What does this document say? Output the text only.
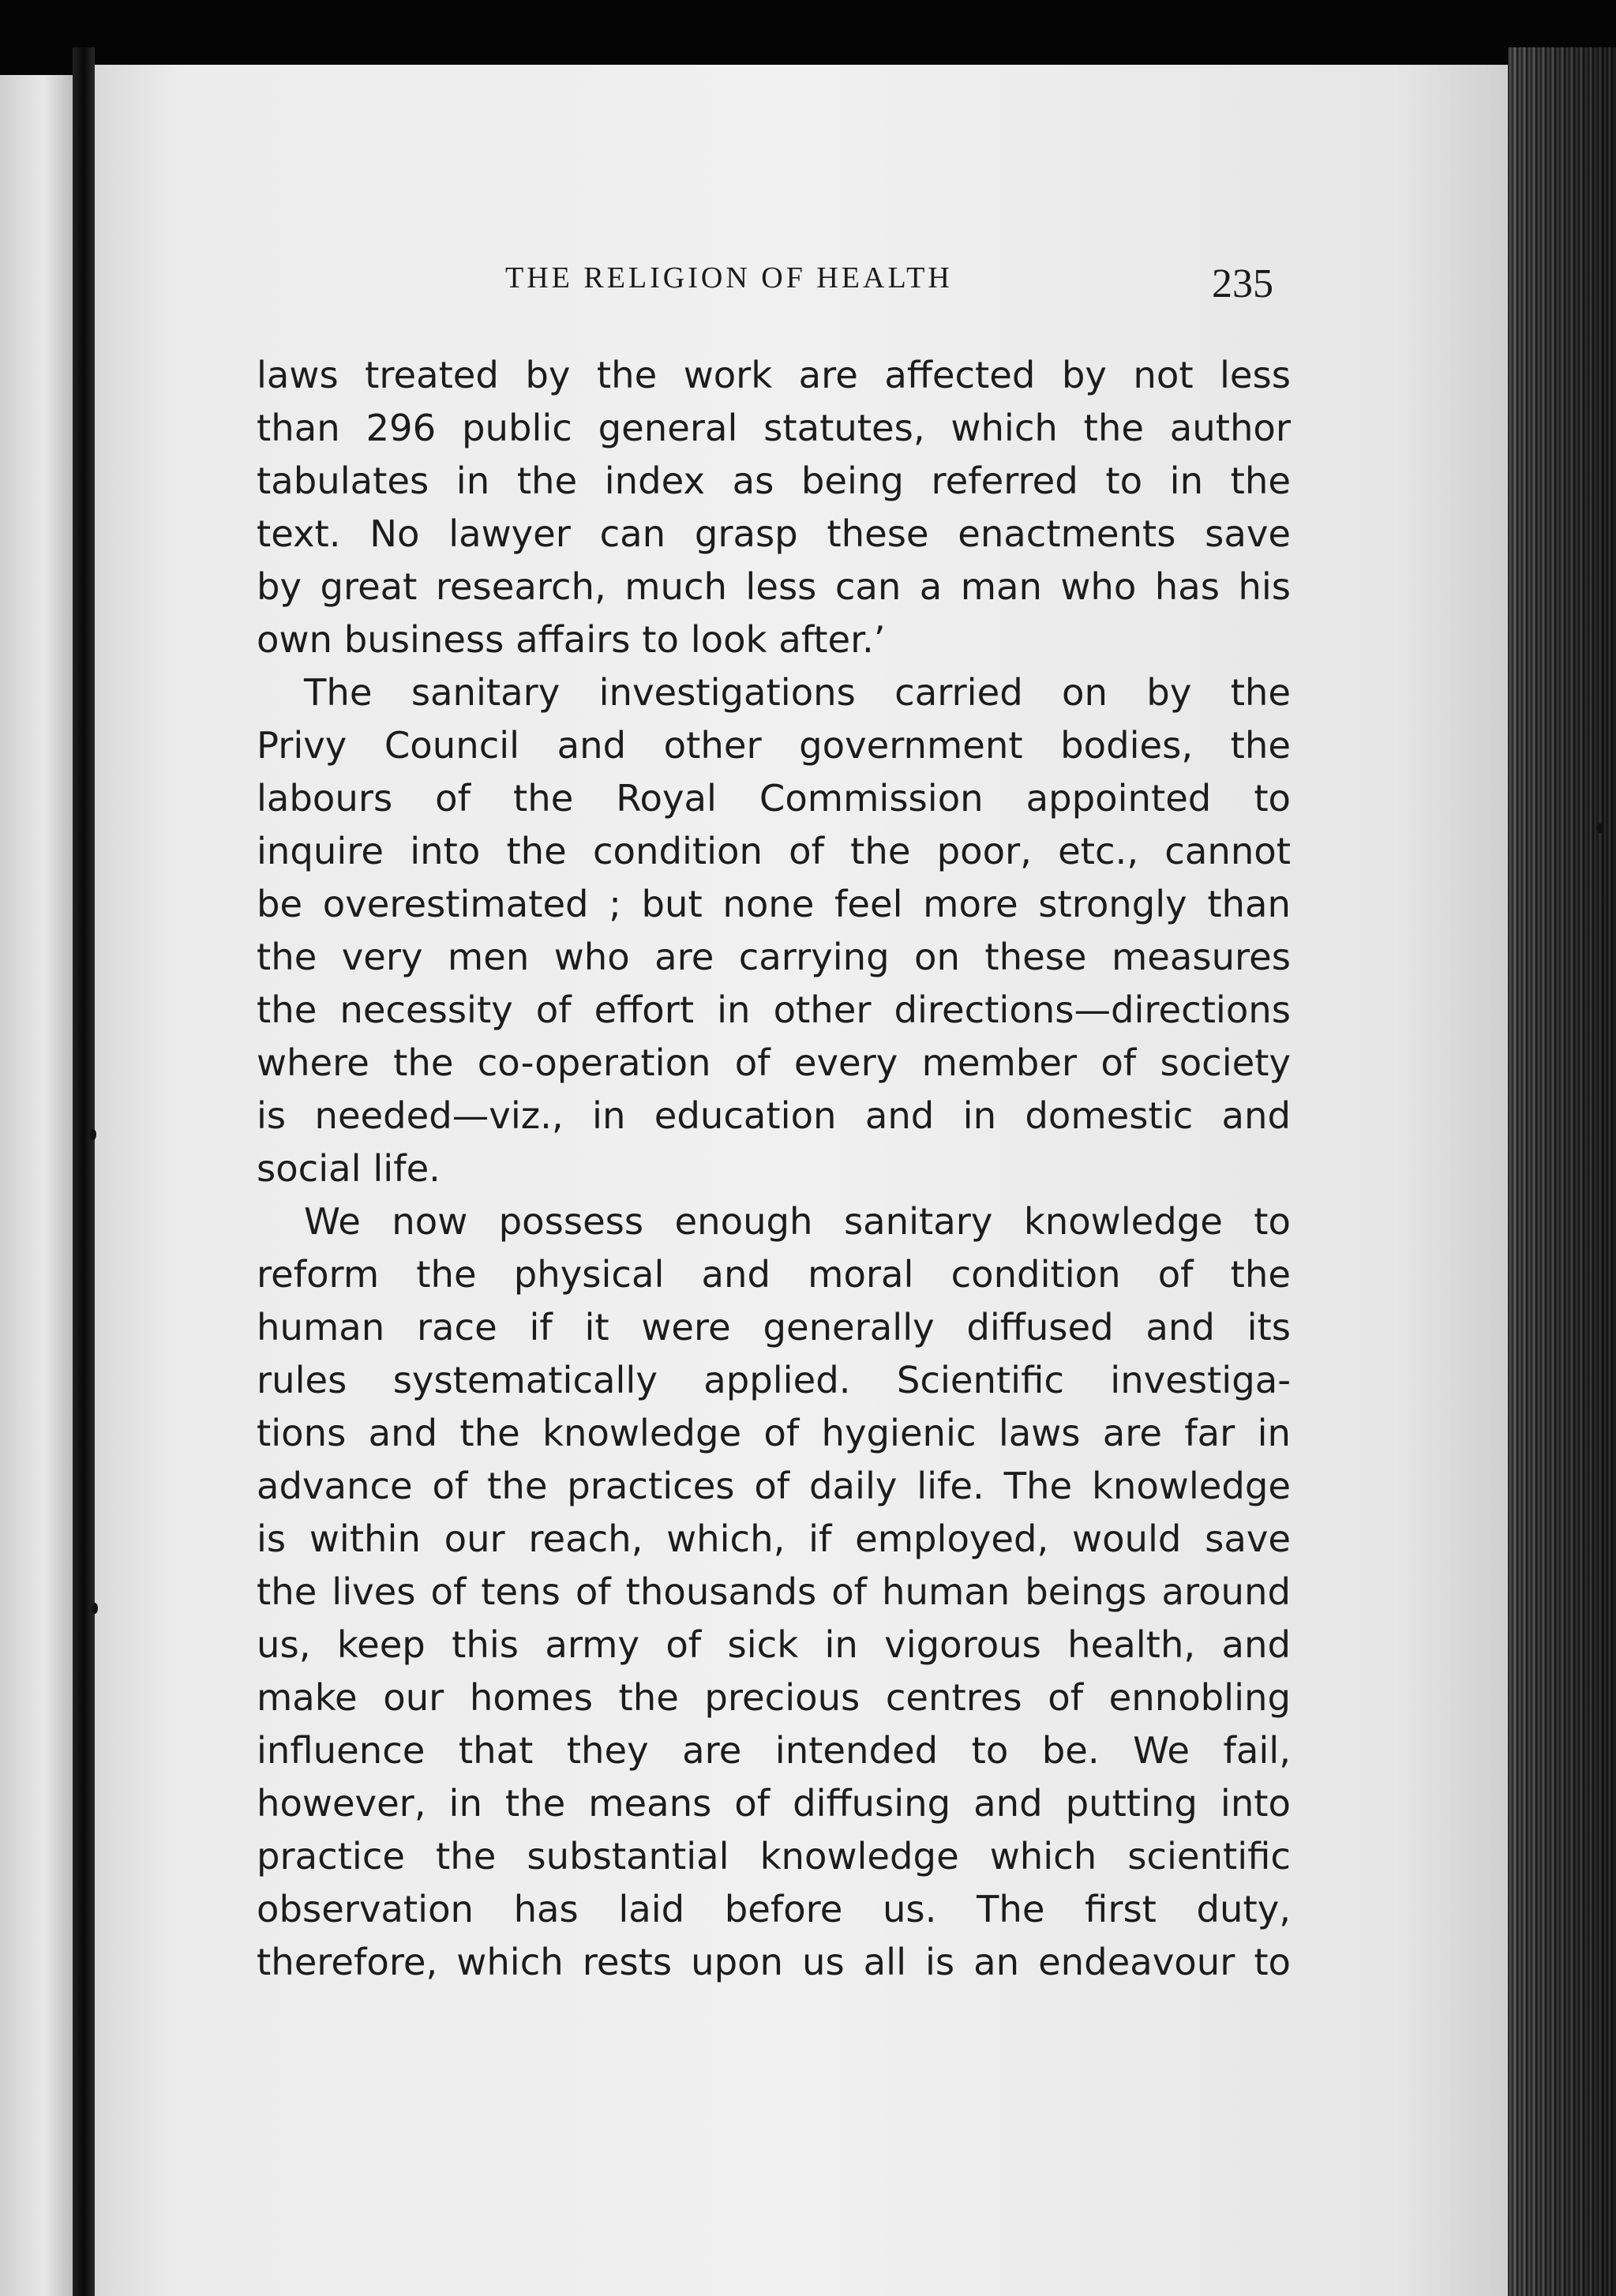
THE RELIGION OF HEALTH	235
laws treated by the work are affected by not less
than 296 public general statutes, which the author
tabulates in the index as being referred to in the
text. No lawyer can grasp these enactments save
by great research, much less can a man who has his
own business affairs to look after.’
The sanitary investigations carried on by the
Privy Council and other government bodies, the
labours of the Royal Commission appointed to
inquire into the condition of the poor, etc., cannot
be overestimated ; but none feel more strongly than
the very men who are carrying on these measures
the necessity of effort in other directions—directions
where the co-operation of every member of society
is needed—viz., in education and in domestic and
social life.
We now possess enough sanitary knowledge to
reform the physical and moral condition of the
human race if it were generally diffused and its
rules systematically applied. Scientific investiga-
tions and the knowledge of hygienic laws are far in
advance of the practices of daily life. The knowledge
is within our reach, which, if employed, would save
the lives of tens of thousands of human beings around
us, keep this army of sick in vigorous health, and
make our homes the precious centres of ennobling
influence that they are intended to be. We fail,
however, in the means of diffusing and putting into
practice the substantial knowledge which scientific
observation has laid before us. The first duty,
therefore, which rests upon us all is an endeavour to
